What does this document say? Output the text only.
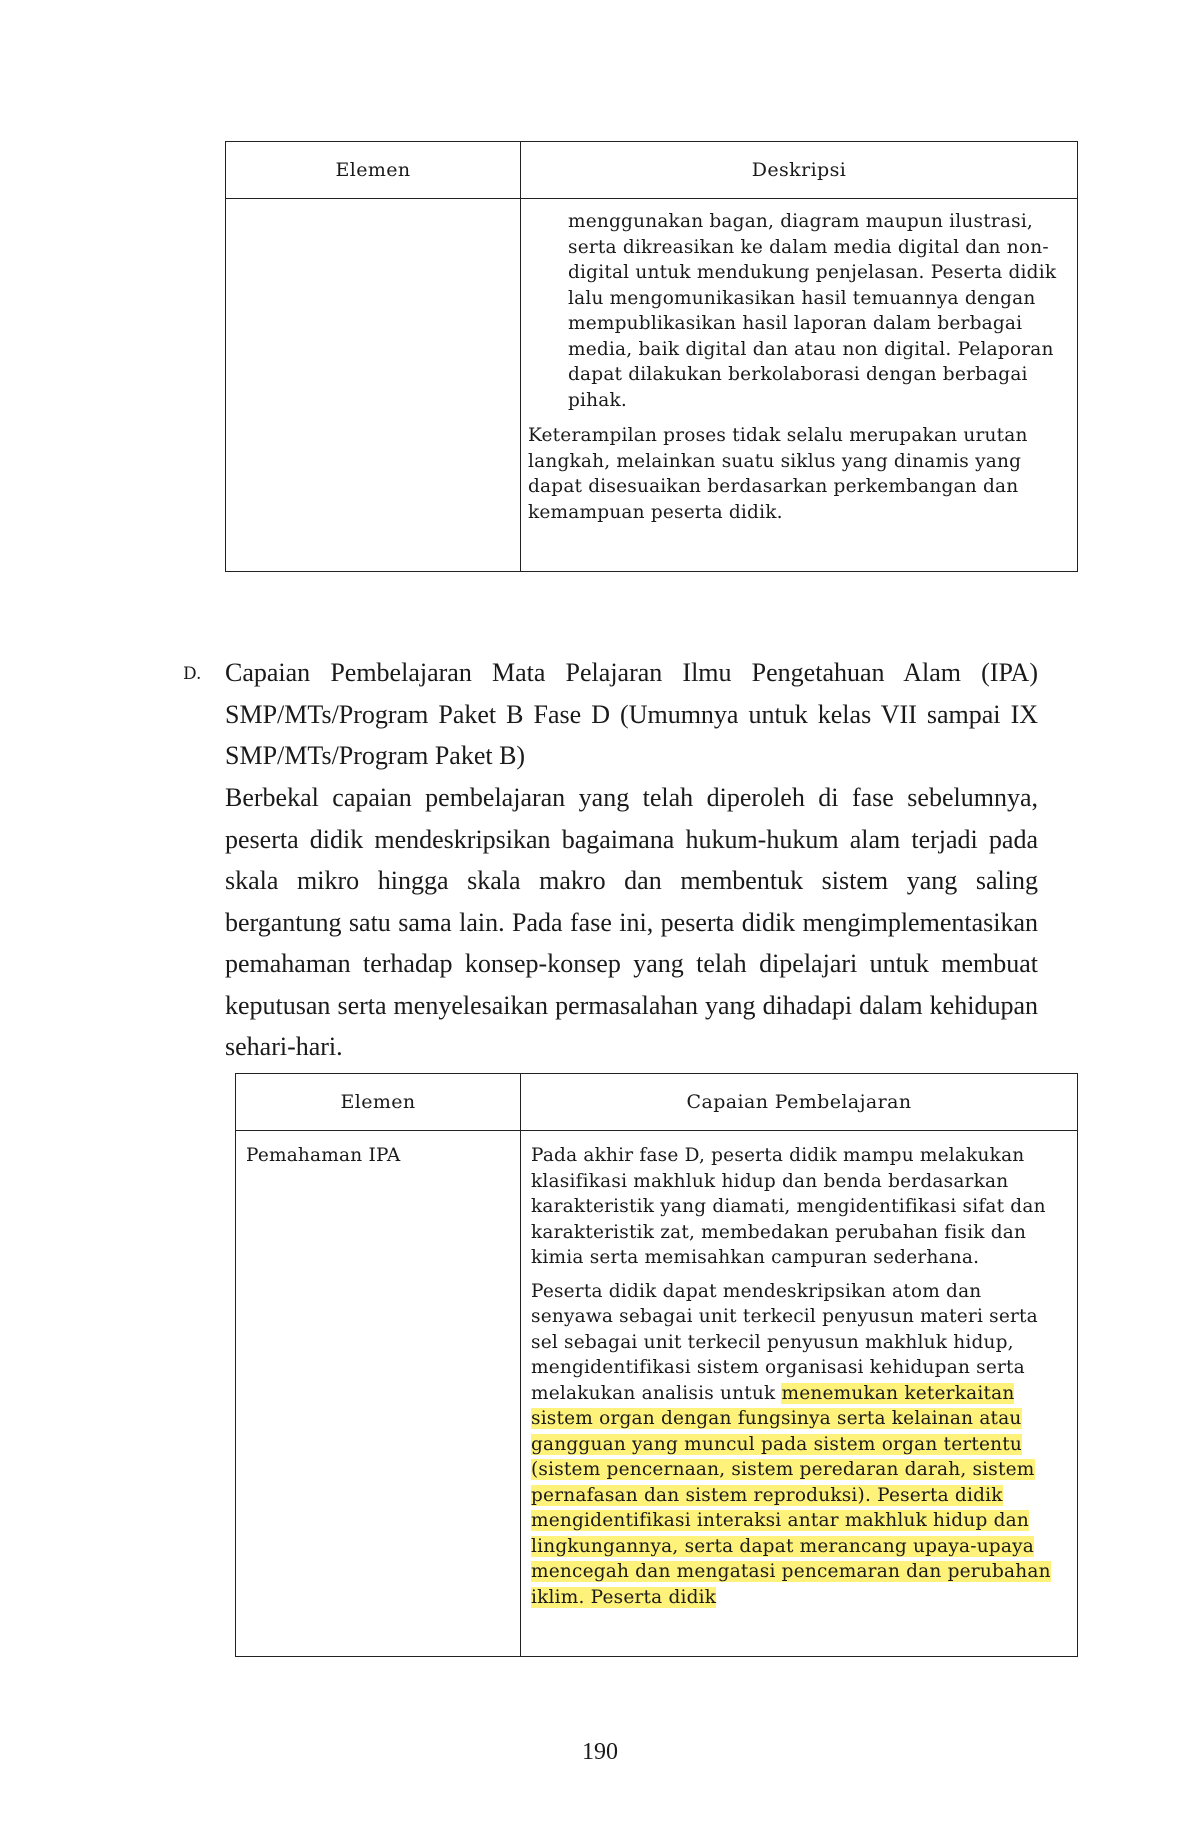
Elemen	Deskripsi

	menggunakan bagan, diagram maupun ilustrasi, serta dikreasikan ke dalam media digital dan non-digital untuk mendukung penjelasan. Peserta didik lalu mengomunikasikan hasil temuannya dengan mempublikasikan hasil laporan dalam berbagai media, baik digital dan atau non digital. Pelaporan dapat dilakukan berkolaborasi dengan berbagai pihak.

Keterampilan proses tidak selalu merupakan urutan langkah, melainkan suatu siklus yang dinamis yang dapat disesuaikan berdasarkan perkembangan dan kemampuan peserta didik.

D. Capaian Pembelajaran Mata Pelajaran Ilmu Pengetahuan Alam (IPA) SMP/MTs/Program Paket B Fase D (Umumnya untuk kelas VII sampai IX SMP/MTs/Program Paket B)
Berbekal capaian pembelajaran yang telah diperoleh di fase sebelumnya, peserta didik mendeskripsikan bagaimana hukum-hukum alam terjadi pada skala mikro hingga skala makro dan membentuk sistem yang saling bergantung satu sama lain. Pada fase ini, peserta didik mengimplementasikan pemahaman terhadap konsep-konsep yang telah dipelajari untuk membuat keputusan serta menyelesaikan permasalahan yang dihadapi dalam kehidupan sehari-hari.
Elemen	Capaian Pembelajaran

Pemahaman IPA	Pada akhir fase D, peserta didik mampu melakukan klasifikasi makhluk hidup dan benda berdasarkan karakteristik yang diamati, mengidentifikasi sifat dan karakteristik zat, membedakan perubahan fisik dan kimia serta memisahkan campuran sederhana.

Peserta didik dapat mendeskripsikan atom dan senyawa sebagai unit terkecil penyusun materi serta sel sebagai unit terkecil penyusun makhluk hidup, mengidentifikasi sistem organisasi kehidupan serta melakukan analisis untuk menemukan keterkaitan sistem organ dengan fungsinya serta kelainan atau gangguan yang muncul pada sistem organ tertentu (sistem pencernaan, sistem peredaran darah, sistem pernafasan dan sistem reproduksi). Peserta didik mengidentifikasi interaksi antar makhluk hidup dan lingkungannya, serta dapat merancang upaya-upaya mencegah dan mengatasi pencemaran dan perubahan iklim. Peserta didik

190
